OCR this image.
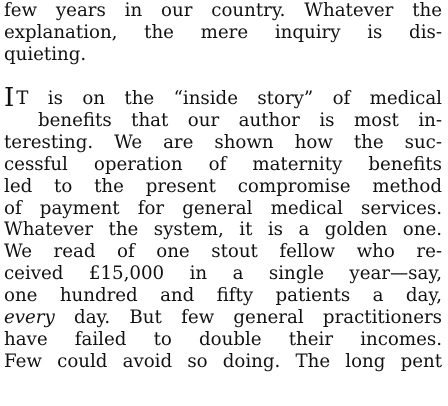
few years in our country. Whatever the
explanation, the mere inquiry is dis-
quieting.
I T is on the “inside story” of medical
benefits that our author is most in-
teresting. We are shown how the suc-
cessful operation of maternity benefits
led to the present compromise method
of payment for general medical services.
Whatever the system, it is a golden one.
We read of one stout fellow who re-
ceived £15,000 in a single year—say,
one hundred and fifty patients a day,
every day. But few general practitioners
have failed to double their incomes.
Few could avoid so doing. The long pent
